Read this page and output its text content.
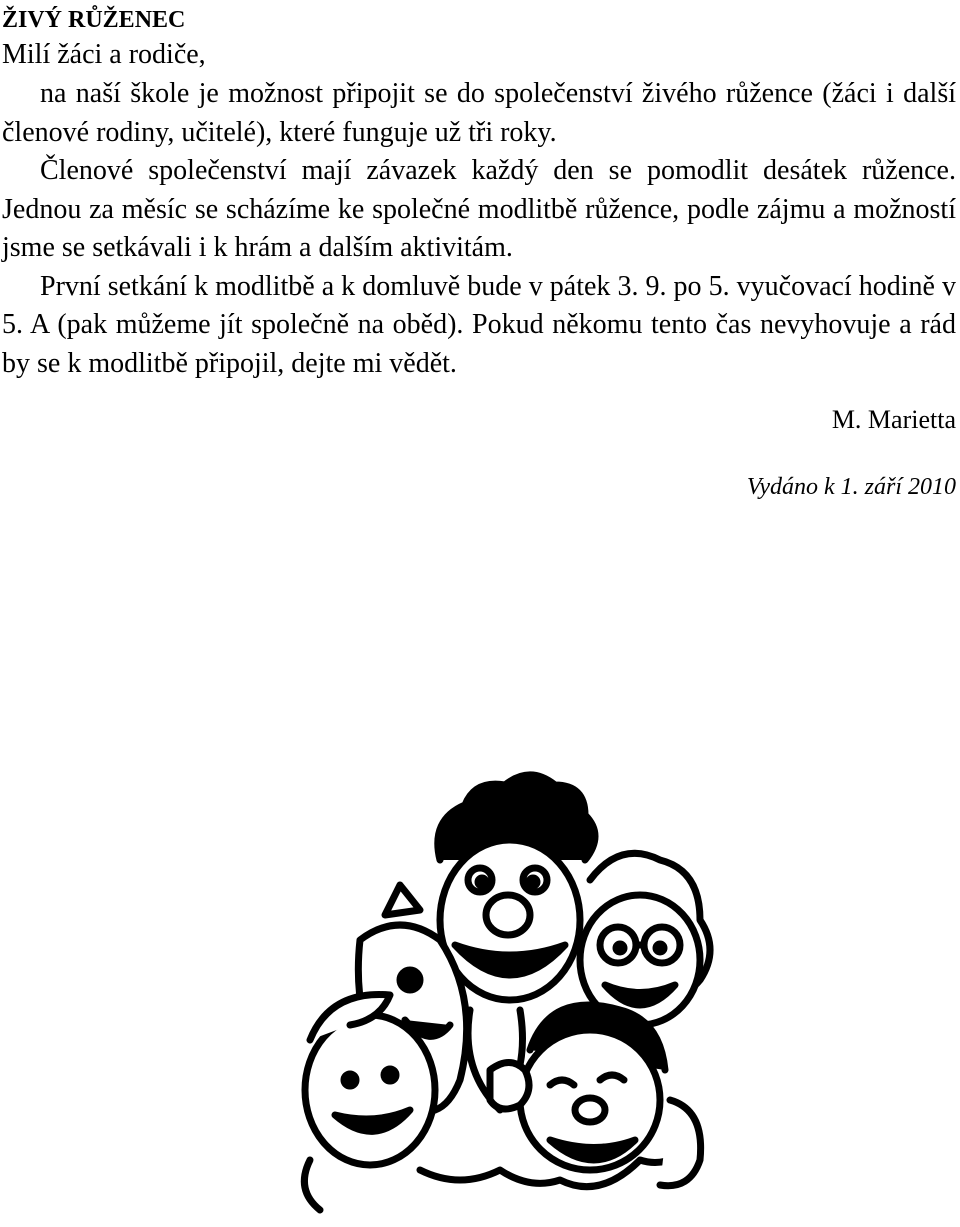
ŽIVÝ RŮŽENEC
Milí žáci a rodiče,

na naší škole je možnost připojit se do společenství živého růžence (žáci i další členové rodiny, učitelé), které funguje už tři roky.

Členové společenství mají závazek každý den se pomodlit desátek růžence. Jednou za měsíc se scházíme ke společné modlitbě růžence, podle zájmu a možností jsme se setkávali i k hrám a dalším aktivitám.

První setkání k modlitbě a k domluvě bude v pátek 3. 9. po 5. vyučovací hodině v 5. A (pak můžeme jít společně na oběd). Pokud někomu tento čas nevyhovuje a rád by se k modlitbě připojil, dejte mi vědět.

M. Marietta
Vydáno k 1. září 2010
